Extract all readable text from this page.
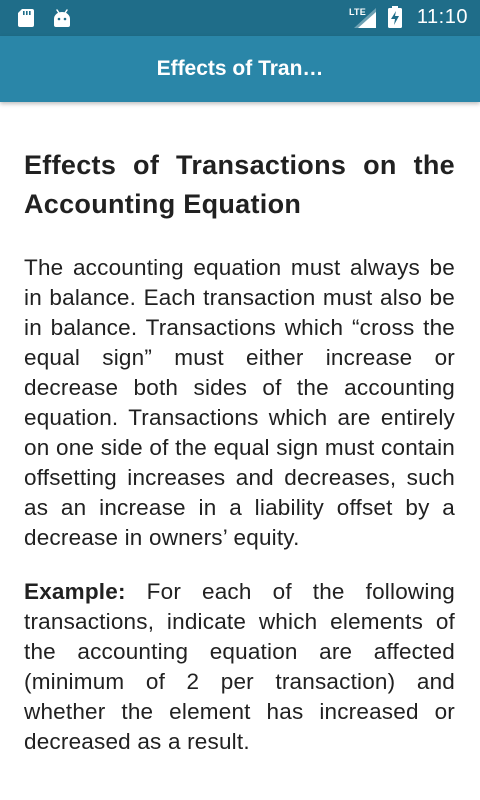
LTE	11:10
Effects of Tran…
Effects of Transactions on the Accounting Equation

The accounting equation must always be in balance. Each transaction must also be in balance. Transactions which “cross the equal sign” must either increase or decrease both sides of the accounting equation. Transactions which are entirely on one side of the equal sign must contain offsetting increases and decreases, such as an increase in a liability offset by a decrease in owners’ equity.

Example: For each of the following transactions, indicate which elements of the accounting equation are affected (minimum of 2 per transaction) and whether the element has increased or decreased as a result.
